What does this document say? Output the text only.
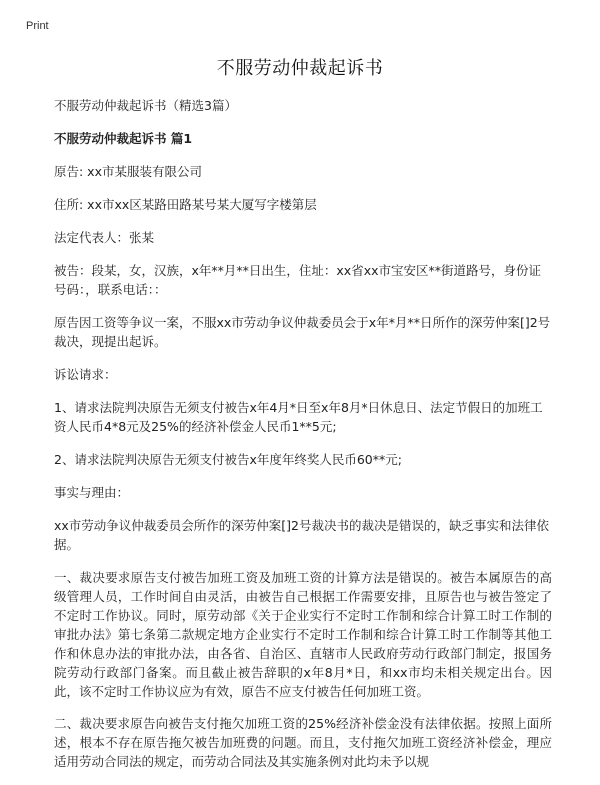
Print
不服劳动仲裁起诉书

不服劳动仲裁起诉书（精选3篇）

不服劳动仲裁起诉书 篇1

原告: xx市某服装有限公司

住所: xx市xx区某路田路某号某大厦写字楼第层

法定代表人：张某

被告：段某，女，汉族，x年**月**日出生，住址：xx省xx市宝安区**街道路号，身份证号码：，联系电话：：

原告因工资等争议一案，不服xx市劳动争议仲裁委员会于x年*月**日所作的深劳仲案[]2号裁决，现提出起诉。

诉讼请求：

1、请求法院判决原告无须支付被告x年4月*日至x年8月*日休息日、法定节假日的加班工资人民币4*8元及25%的经济补偿金人民币1**5元;

2、请求法院判决原告无须支付被告x年度年终奖人民币60**元;

事实与理由：

xx市劳动争议仲裁委员会所作的深劳仲案[]2号裁决书的裁决是错误的，缺乏事实和法律依据。

一、裁决要求原告支付被告加班工资及加班工资的计算方法是错误的。被告本属原告的高级管理人员，工作时间自由灵活，由被告自己根据工作需要安排，且原告也与被告签定了不定时工作协议。同时，原劳动部《关于企业实行不定时工作制和综合计算工时工作制的审批办法》第七条第二款规定地方企业实行不定时工作制和综合计算工时工作制等其他工作和休息办法的审批办法，由各省、自治区、直辖市人民政府劳动行政部门制定，报国务院劳动行政部门备案。而且截止被告辞职的x年8月*日，和xx市均未相关规定出台。因此，该不定时工作协议应为有效，原告不应支付被告任何加班工资。

二、裁决要求原告向被告支付拖欠加班工资的25%经济补偿金没有法律依据。按照上面所述，根本不存在原告拖欠被告加班费的问题。而且，支付拖欠加班工资经济补偿金，理应适用劳动合同法的规定，而劳动合同法及其实施条例对此均未予以规
